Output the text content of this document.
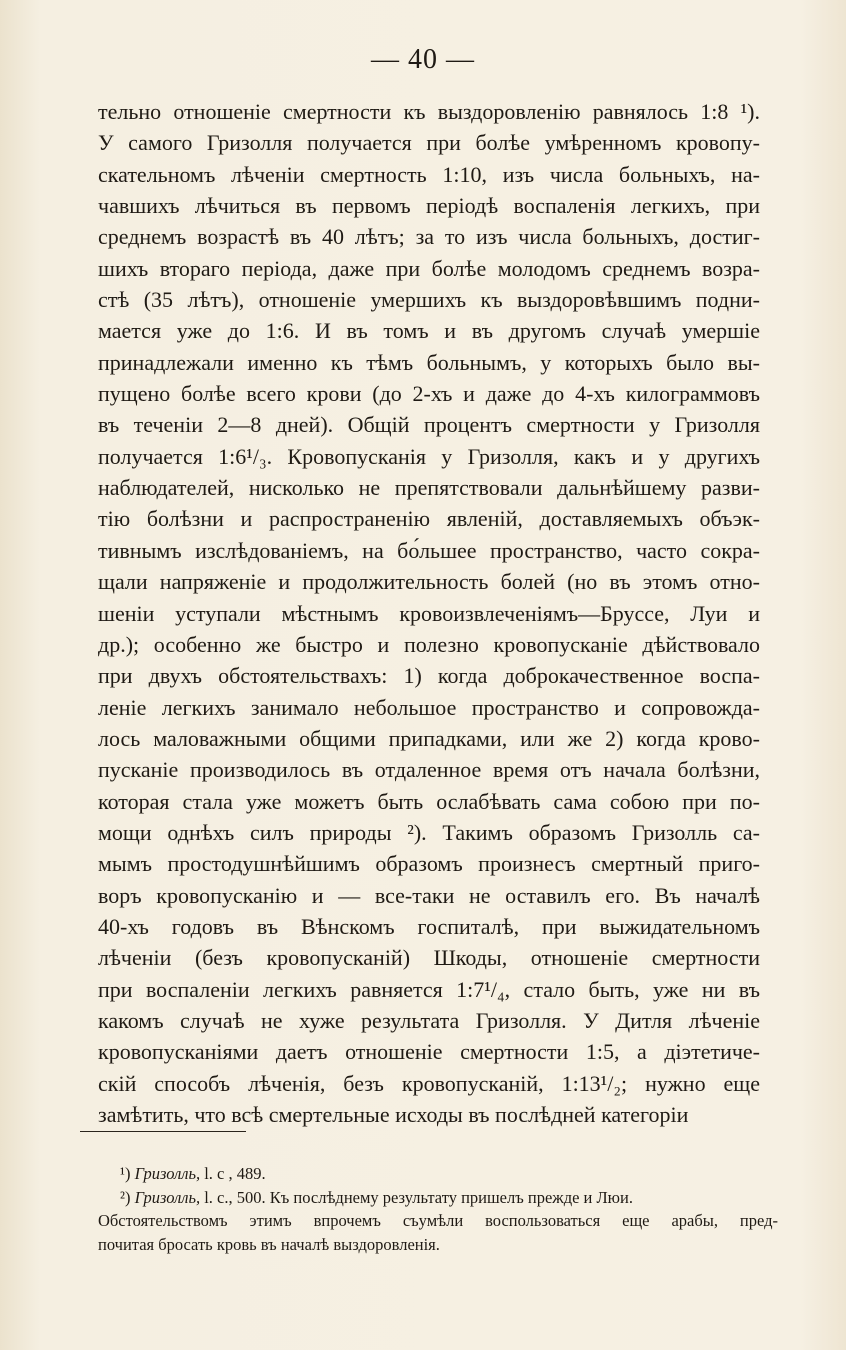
— 40 —
тельно отношеніе смертности къ выздоровленію равнялось 1:8 ¹).
У самого Гризолля получается при болѣе умѣренномъ кровопу-
скательномъ лѣченіи смертность 1:10, изъ числа больныхъ, на-
чавшихъ лѣчиться въ первомъ періодѣ воспаленія легкихъ, при
среднемъ возрастѣ въ 40 лѣтъ; за то изъ числа больныхъ, достиг-
шихъ втораго періода, даже при болѣе молодомъ среднемъ возра-
стѣ (35 лѣтъ), отношеніе умершихъ къ выздоровѣвшимъ подни-
мается уже до 1:6. И въ томъ и въ другомъ случаѣ умершіе
принадлежали именно къ тѣмъ больнымъ, у которыхъ было вы-
пущено болѣе всего крови (до 2-хъ и даже до 4-хъ килограммовъ
въ теченіи 2—8 дней). Общій процентъ смертности у Гризолля
получается 1:6¹/₃. Кровопусканія у Гризолля, какъ и у другихъ
наблюдателей, нисколько не препятствовали дальнѣйшему разви-
тію болѣзни и распространенію явленій, доставляемыхъ объэк-
тивнымъ изслѣдованіемъ, на бо́льшее пространство, часто сокра-
щали напряженіе и продолжительность болей (но въ этомъ отно-
шеніи уступали мѣстнымъ кровоизвлеченіямъ—Бруссе, Луи и
др.); особенно же быстро и полезно кровопусканіе дѣйствовало
при двухъ обстоятельствахъ: 1) когда доброкачественное воспа-
леніе легкихъ занимало небольшое пространство и сопровожда-
лось маловажными общими припадками, или же 2) когда крово-
пусканіе производилось въ отдаленное время отъ начала болѣзни,
которая стала уже можетъ быть ослабѣвать сама собою при по-
мощи однѣхъ силъ природы ²). Такимъ образомъ Гризолль са-
мымъ простодушнѣйшимъ образомъ произнесъ смертный приго-
воръ кровопусканію и — все-таки не оставилъ его. Въ началѣ
40-хъ годовъ въ Вѣнскомъ госпиталѣ, при выжидательномъ
лѣченіи (безъ кровопусканій) Шкоды, отношеніе смертности
при воспаленіи легкихъ равняется 1:7¹/₄, стало быть, уже ни въ
какомъ случаѣ не хуже результата Гризолля. У Дитля лѣченіе
кровопусканіями даетъ отношеніе смертности 1:5, а діэтетиче-
скій способъ лѣченія, безъ кровопусканій, 1:13¹/₂; нужно еще
замѣтить, что всѣ смертельные исходы въ послѣдней категоріи
¹) Гризолль, l. с , 489.
²) Гризолль, l. с., 500. Къ послѣднему результату пришелъ прежде и Люи.
Обстоятельствомъ этимъ впрочемъ съумѣли воспользоваться еще арабы, пред-
почитая бросать кровь въ началѣ выздоровленія.
